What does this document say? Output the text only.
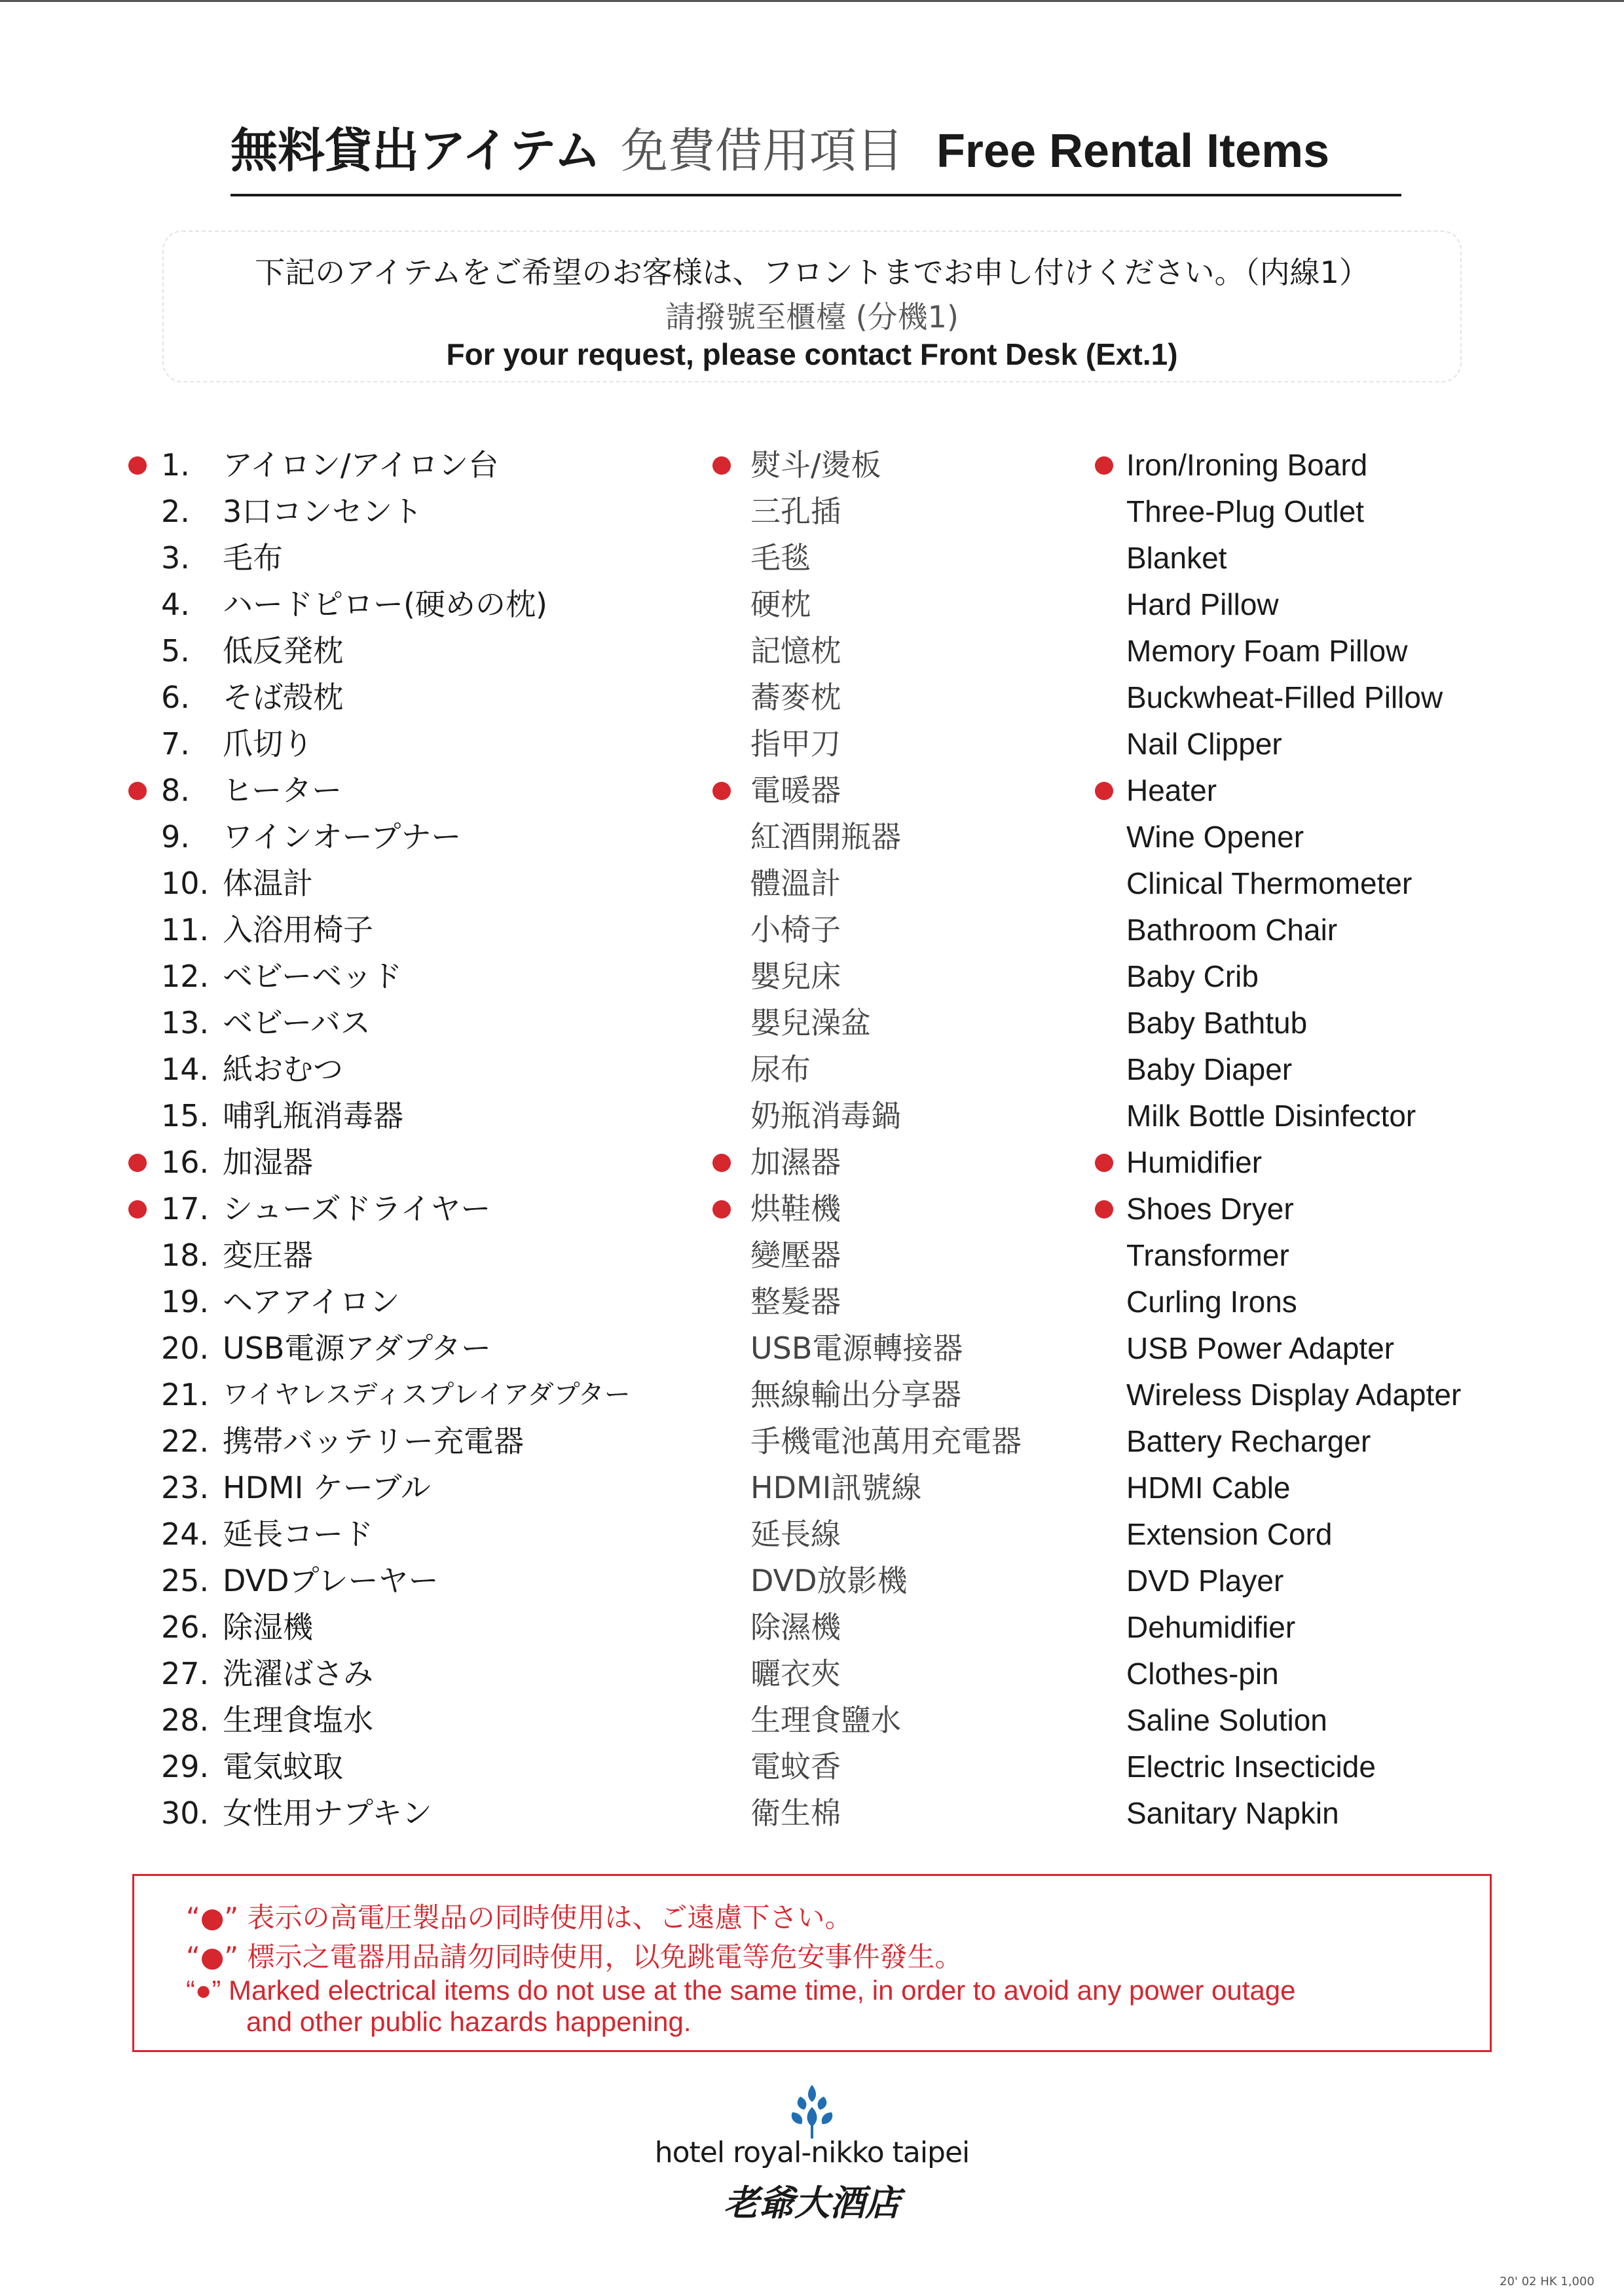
無料貸出アイテム 免費借用項目 Free Rental Items
下記のアイテムをご希望のお客様は、フロントまでお申し付けください。（内線1）
請撥號至櫃檯 (分機1)
For your request, please contact Front Desk (Ext.1)
1.	アイロン/アイロン台	熨斗/燙板	Iron/Ironing Board
2.	3口コンセント	三孔插	Three-Plug Outlet
3.	毛布	毛毯	Blanket
4.	ハードピロー(硬めの枕)	硬枕	Hard Pillow
5.	低反発枕	記憶枕	Memory Foam Pillow
6.	そば殻枕	蕎麥枕	Buckwheat-Filled Pillow
7.	爪切り	指甲刀	Nail Clipper
8.	ヒーター	電暖器	Heater
9.	ワインオープナー	紅酒開瓶器	Wine Opener
10. 体温計	體溫計	Clinical Thermometer
11. 入浴用椅子	小椅子	Bathroom Chair
12. ベビーベッド	嬰兒床	Baby Crib
13. ベビーバス	嬰兒澡盆	Baby Bathtub
14. 紙おむつ	尿布	Baby Diaper
15. 哺乳瓶消毒器	奶瓶消毒鍋	Milk Bottle Disinfector
16. 加湿器	加濕器	Humidifier
17. シューズドライヤー	烘鞋機	Shoes Dryer
18. 変圧器	變壓器	Transformer
19. ヘアアイロン	整髮器	Curling Irons
20. USB電源アダプター	USB電源轉接器	USB Power Adapter
21. ワイヤレスディスプレイアダプター	無線輸出分享器	Wireless Display Adapter
22. 携帯バッテリー充電器	手機電池萬用充電器	Battery Recharger
23. HDMI ケーブル	HDMI訊號線	HDMI Cable
24. 延長コード	延長線	Extension Cord
25. DVDプレーヤー	DVD放影機	DVD Player
26. 除湿機	除濕機	Dehumidifier
27. 洗濯ばさみ	曬衣夾	Clothes-pin
28. 生理食塩水	生理食鹽水	Saline Solution
29. 電気蚊取	電蚊香	Electric Insecticide
30. 女性用ナプキン	衛生棉	Sanitary Napkin
“●” 表示の高電圧製品の同時使用は、ご遠慮下さい。
“●” 標示之電器用品請勿同時使用，以免跳電等危安事件發生。
“●” Marked electrical items do not use at the same time, in order to avoid any power outage
and other public hazards happening.
hotel royal-nikko taipei
老爺大酒店
20' 02 HK 1,000
